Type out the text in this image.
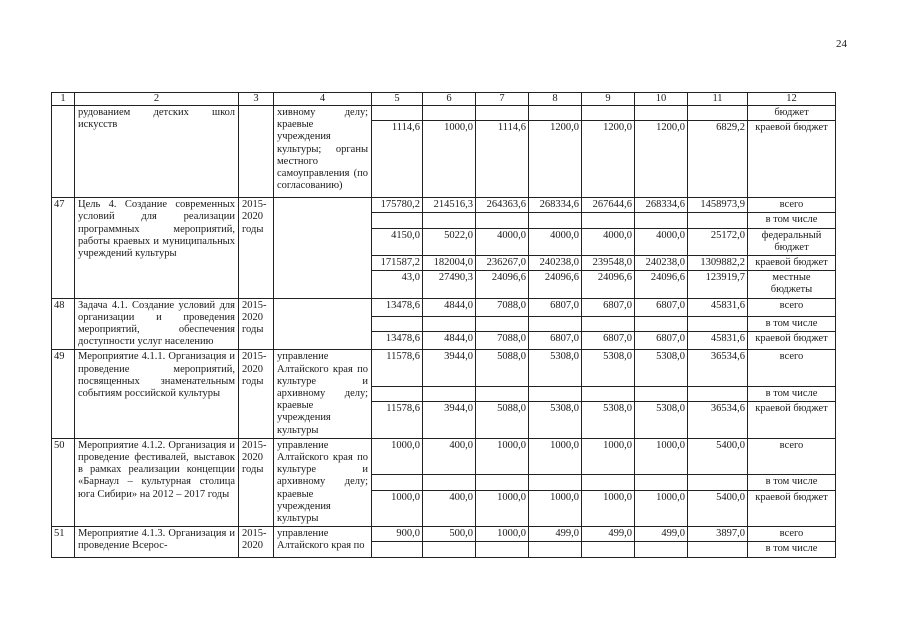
24
1	2	3	4	5	6	7	8	9	10	11	12
	рудованием детских школ искусств		хивному делу; краевые учреждения культуры; органы местного самоуправления (по согласованию)								бюджет
				1114,6	1000,0	1114,6	1200,0	1200,0	1200,0	6829,2	краевой бюджет
47	Цель 4. Создание современных условий для реализации программных мероприятий, работы краевых и муниципальных учреждений культуры	2015-2020 годы		175780,2	214516,3	264363,6	268334,6	267644,6	268334,6	1458973,9	всего
											в том числе
				4150,0	5022,0	4000,0	4000,0	4000,0	4000,0	25172,0	федеральный бюджет
				171587,2	182004,0	236267,0	240238,0	239548,0	240238,0	1309882,2	краевой бюджет
				43,0	27490,3	24096,6	24096,6	24096,6	24096,6	123919,7	местные бюджеты
48	Задача 4.1. Создание условий для организации и проведения мероприятий, обеспечения доступности услуг населению	2015-2020 годы		13478,6	4844,0	7088,0	6807,0	6807,0	6807,0	45831,6	всего
											в том числе
				13478,6	4844,0	7088,0	6807,0	6807,0	6807,0	45831,6	краевой бюджет
49	Мероприятие 4.1.1. Организация и проведение мероприятий, посвященных знаменательным событиям российской культуры	2015-2020 годы	управление Алтайского края по культуре и архивному делу; краевые учреждения культуры	11578,6	3944,0	5088,0	5308,0	5308,0	5308,0	36534,6	всего
											в том числе
				11578,6	3944,0	5088,0	5308,0	5308,0	5308,0	36534,6	краевой бюджет
50	Мероприятие 4.1.2. Организация и проведение фестивалей, выставок в рамках реализации концепции «Барнаул – культурная столица юга Сибири» на 2012 – 2017 годы	2015-2020 годы	управление Алтайского края по культуре и архивному делу; краевые учреждения культуры	1000,0	400,0	1000,0	1000,0	1000,0	1000,0	5400,0	всего
											в том числе
				1000,0	400,0	1000,0	1000,0	1000,0	1000,0	5400,0	краевой бюджет
51	Мероприятие 4.1.3. Организация и проведение Всерос-	2015-2020	управление Алтайского края по	900,0	500,0	1000,0	499,0	499,0	499,0	3897,0	всего
											в том числе
